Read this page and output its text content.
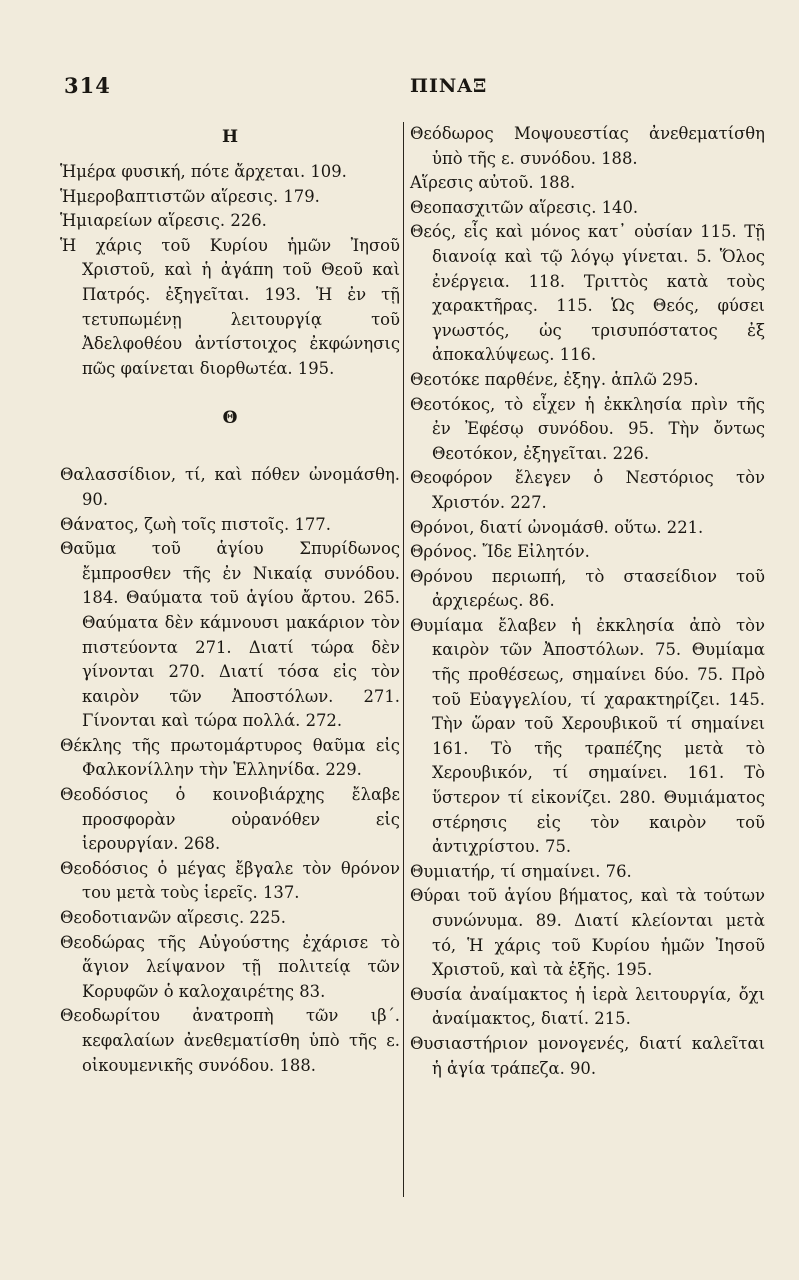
314	ΠΙΝΑΞ
Η
Ἡμέρα φυσική, πότε ἄρχεται. 109.
Ἡμεροβαπτιστῶν αἵρεσις. 179.
Ἡμιαρείων αἵρεσις. 226.
Ἡ χάρις τοῦ Κυρίου ἡμῶν Ἰησοῦ Χριστοῦ, καὶ ἡ ἀγάπη τοῦ Θεοῦ καὶ Πατρός. ἐξηγεῖται. 193. Ἡ ἐν τῇ τετυπωμένῃ λειτουργίᾳ τοῦ Ἀδελφοθέου ἀντίστοιχος ἐκφώνησις πῶς φαίνεται διορθωτέα. 195.
Θ
Θαλασσίδιον, τί, καὶ πόθεν ὠνομάσθη. 90.
Θάνατος, ζωὴ τοῖς πιστοῖς. 177.
Θαῦμα τοῦ ἁγίου Σπυρίδωνος ἔμπροσθεν τῆς ἐν Νικαίᾳ συνόδου. 184. Θαύματα τοῦ ἁγίου ἄρτου. 265. Θαύματα δὲν κάμνουσι μακάριον τὸν πιστεύοντα 271. Διατί τώρα δὲν γίνονται 270. Διατί τόσα εἰς τὸν καιρὸν τῶν Ἀποστόλων. 271. Γίνονται καὶ τώρα πολλά. 272.
Θέκλης τῆς πρωτομάρτυρος θαῦμα εἰς Φαλκονίλλην τὴν Ἑλληνίδα. 229.
Θεοδόσιος ὁ κοινοβιάρχης ἔλαβε προσφορὰν οὐρανόθεν εἰς ἱερουργίαν. 268.
Θεοδόσιος ὁ μέγας ἔβγαλε τὸν θρόνον του μετὰ τοὺς ἱερεῖς. 137.
Θεοδοτιανῶν αἵρεσις. 225.
Θεοδώρας τῆς Αὐγούστης ἐχάρισε τὸ ἅγιον λείψανον τῇ πολιτείᾳ τῶν Κορυφῶν ὁ καλοχαιρέτης 83.
Θεοδωρίτου ἀνατροπὴ τῶν ιβ΄. κεφαλαίων ἀνεθεματίσθη ὑπὸ τῆς ε. οἰκουμενικῆς συνόδου. 188.
Θεόδωρος Μοψουεστίας ἀνεθεματίσθη ὑπὸ τῆς ε. συνόδου. 188.
Αἵρεσις αὐτοῦ. 188.
Θεοπασχιτῶν αἵρεσις. 140.
Θεός, εἷς καὶ μόνος κατ᾿ οὐσίαν 115. Τῇ διανοίᾳ καὶ τῷ λόγῳ γίνεται. 5. Ὅλος ἐνέργεια. 118. Τριττὸς κατὰ τοὺς χαρακτῆρας. 115. Ὡς Θεός, φύσει γνωστός, ὡς τρισυπόστατος ἐξ ἀποκαλύψεως. 116.
Θεοτόκε παρθένε, ἐξηγ. ἁπλῶ 295.
Θεοτόκος, τὸ εἶχεν ἡ ἐκκλησία πρὶν τῆς ἐν Ἐφέσῳ συνόδου. 95. Τὴν ὄντως Θεοτόκον, ἐξηγεῖται. 226.
Θεοφόρον ἔλεγεν ὁ Νεστόριος τὸν Χριστόν. 227.
Θρόνοι, διατί ὠνομάσθ. οὕτω. 221.
Θρόνος. Ἴδε Εἰλητόν.
Θρόνου περιωπή, τὸ στασείδιον τοῦ ἀρχιερέως. 86.
Θυμίαμα ἔλαβεν ἡ ἐκκλησία ἀπὸ τὸν καιρὸν τῶν Ἀποστόλων. 75. Θυμίαμα τῆς προθέσεως, σημαίνει δύο. 75. Πρὸ τοῦ Εὐαγγελίου, τί χαρακτηρίζει. 145. Τὴν ὥραν τοῦ Χερουβικοῦ τί σημαίνει 161. Τὸ τῆς τραπέζης μετὰ τὸ Χερουβικόν, τί σημαίνει. 161. Τὸ ὕστερον τί εἰκονίζει. 280. Θυμιάματος στέρησις εἰς τὸν καιρὸν τοῦ ἀντιχρίστου. 75.
Θυμιατήρ, τί σημαίνει. 76.
Θύραι τοῦ ἁγίου βήματος, καὶ τὰ τούτων συνώνυμα. 89. Διατί κλείονται μετὰ τό, Ἡ χάρις τοῦ Κυρίου ἡμῶν Ἰησοῦ Χριστοῦ, καὶ τὰ ἑξῆς. 195.
Θυσία ἀναίμακτος ἡ ἱερὰ λειτουργία, ὄχι ἀναίμακτος, διατί. 215.
Θυσιαστήριον μονογενές, διατί καλεῖται ἡ ἁγία τράπεζα. 90.
